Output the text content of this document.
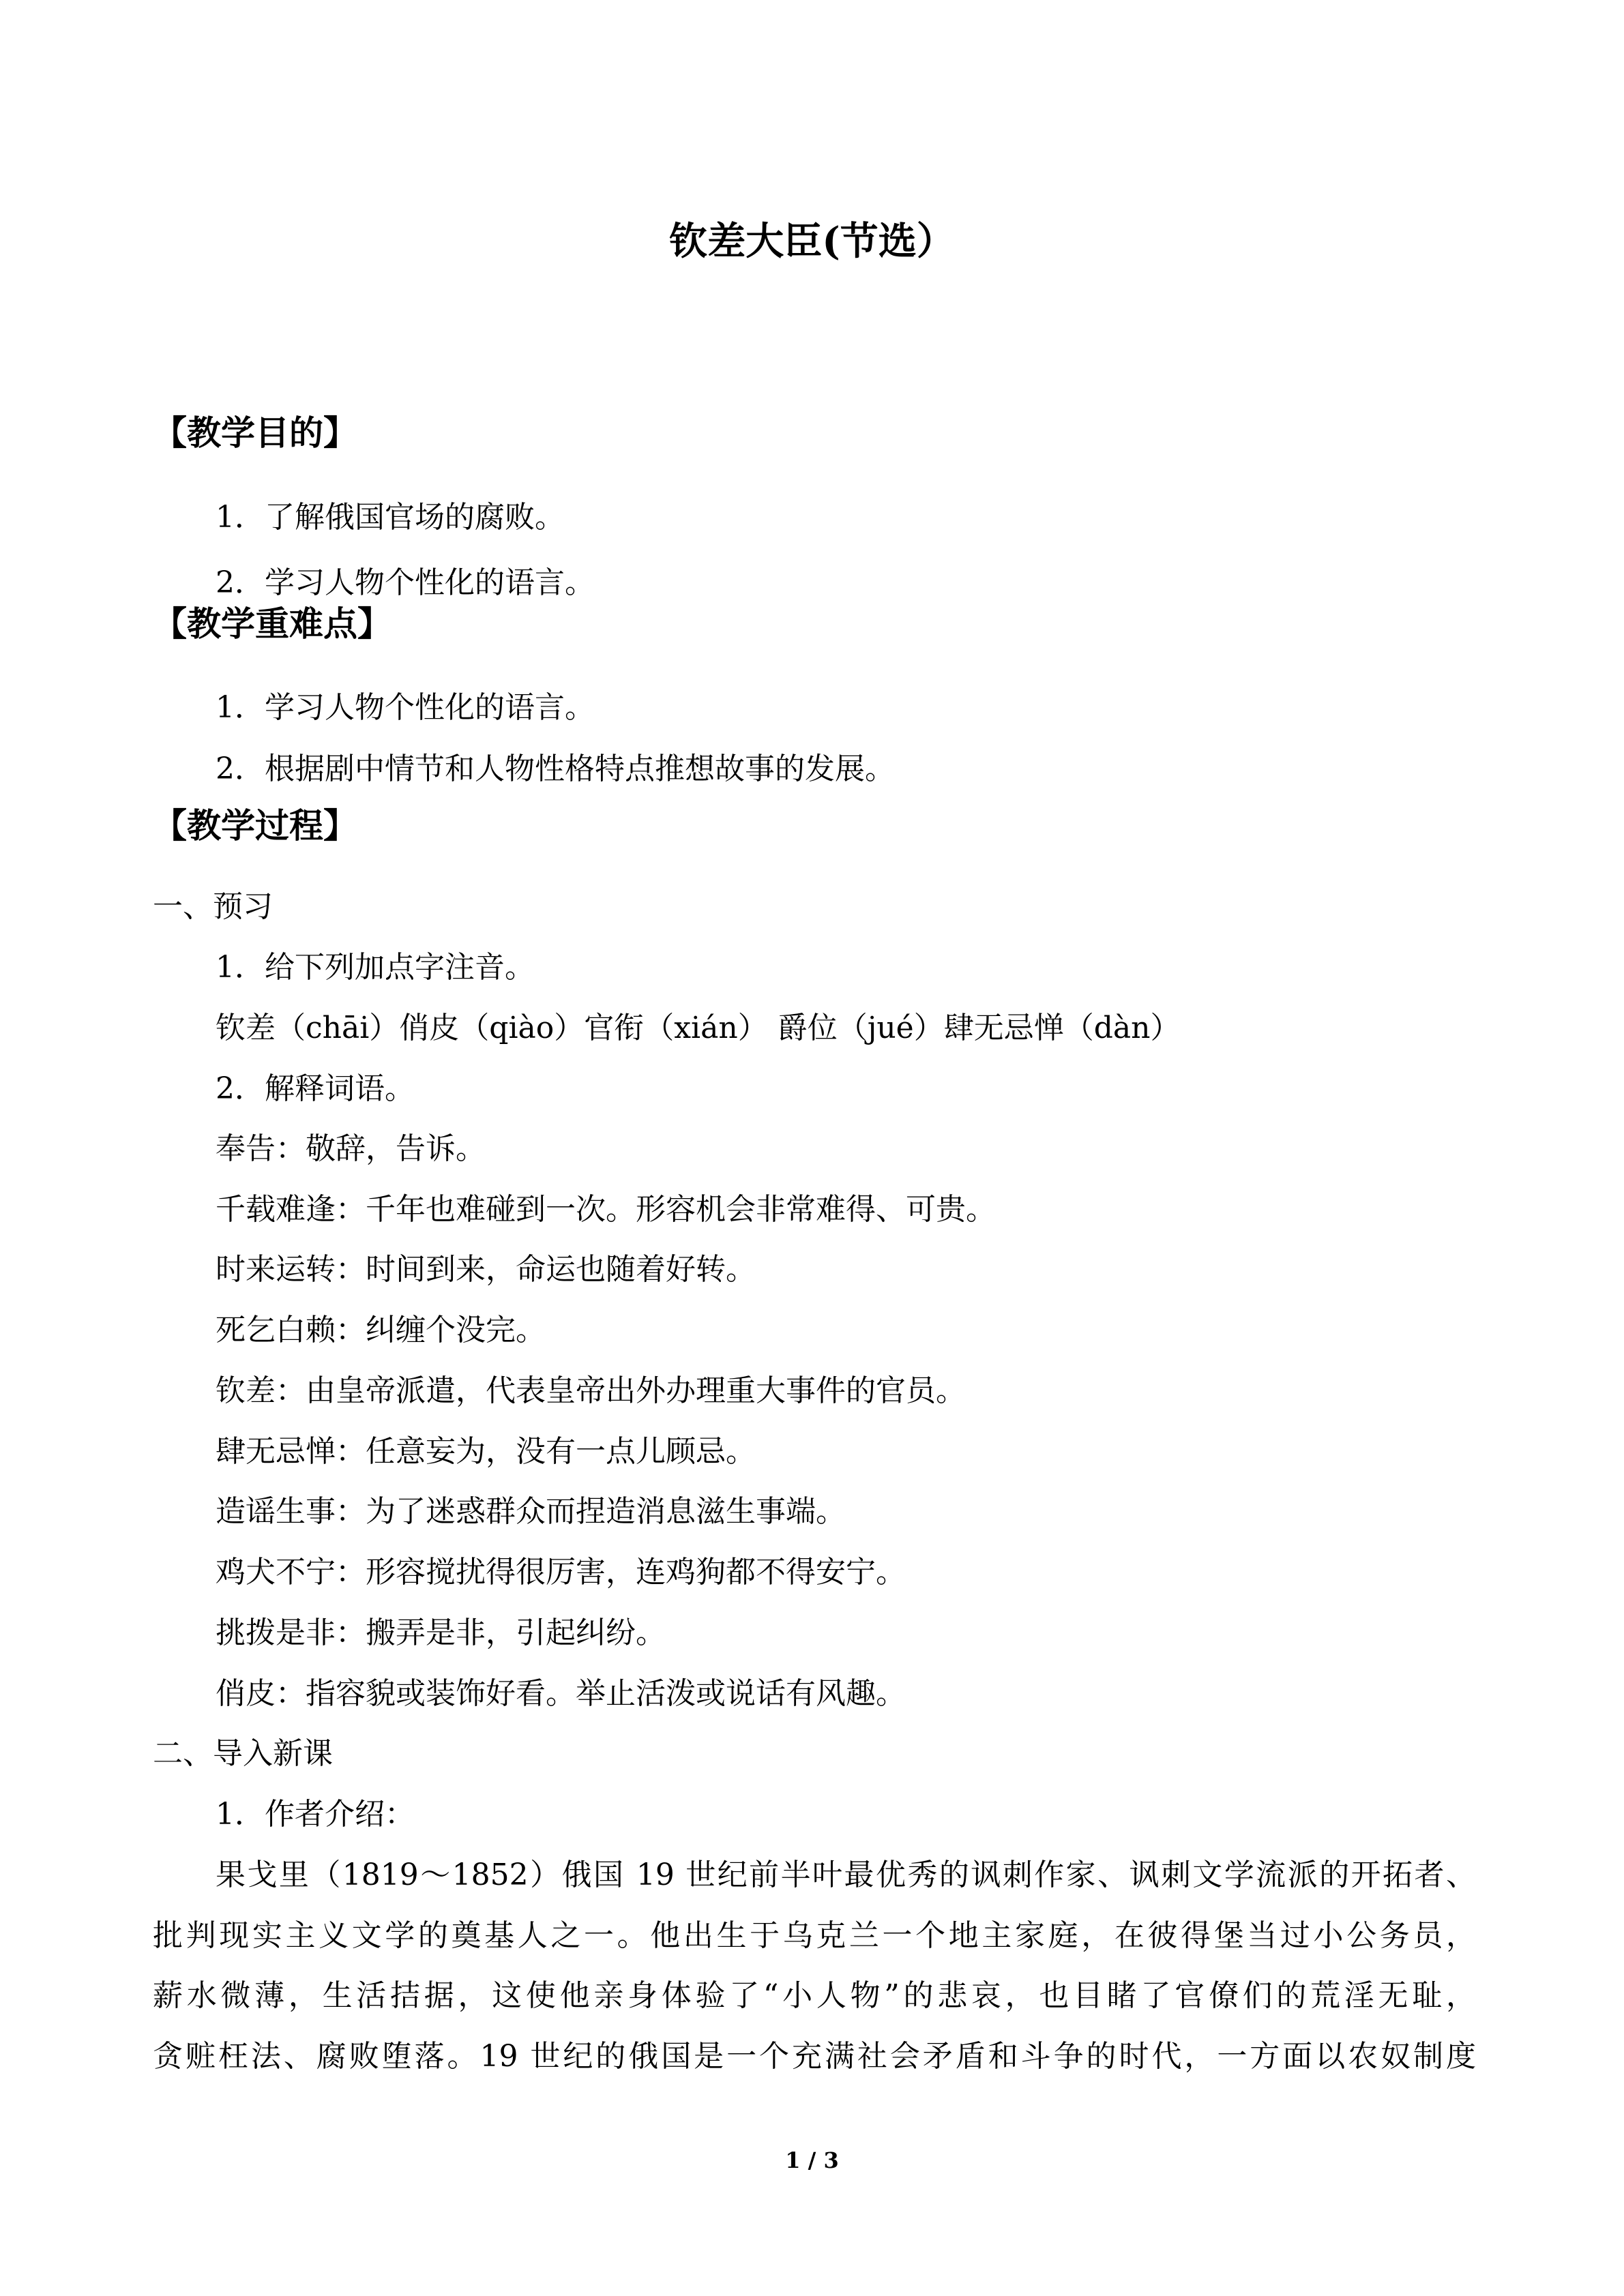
钦差大臣(节选）
【教学目的】

1．了解俄国官场的腐败。

2．学习人物个性化的语言。

【教学重难点】

1．学习人物个性化的语言。

2．根据剧中情节和人物性格特点推想故事的发展。

【教学过程】

一、预习

1．给下列加点字注音。

钦差（chāi）俏皮（qiào）官衔（xián） 爵位（jué）肆无忌惮（dàn）

2．解释词语。

奉告：敬辞，告诉。

千载难逢：千年也难碰到一次。形容机会非常难得、可贵。

时来运转：时间到来，命运也随着好转。

死乞白赖：纠缠个没完。

钦差：由皇帝派遣，代表皇帝出外办理重大事件的官员。

肆无忌惮：任意妄为，没有一点儿顾忌。

造谣生事：为了迷惑群众而捏造消息滋生事端。

鸡犬不宁：形容搅扰得很厉害，连鸡狗都不得安宁。

挑拨是非：搬弄是非，引起纠纷。

俏皮：指容貌或装饰好看。举止活泼或说话有风趣。

二、导入新课

1．作者介绍：

果戈里（1819～1852）俄国 19 世纪前半叶最优秀的讽刺作家、讽刺文学流派的开拓者、

批判现实主义文学的奠基人之一。他出生于乌克兰一个地主家庭，在彼得堡当过小公务员，

薪水微薄，生活拮据，这使他亲身体验了“小人物”的悲哀，也目睹了官僚们的荒淫无耻，

贪赃枉法、腐败堕落。19 世纪的俄国是一个充满社会矛盾和斗争的时代，一方面以农奴制度

1 / 3
